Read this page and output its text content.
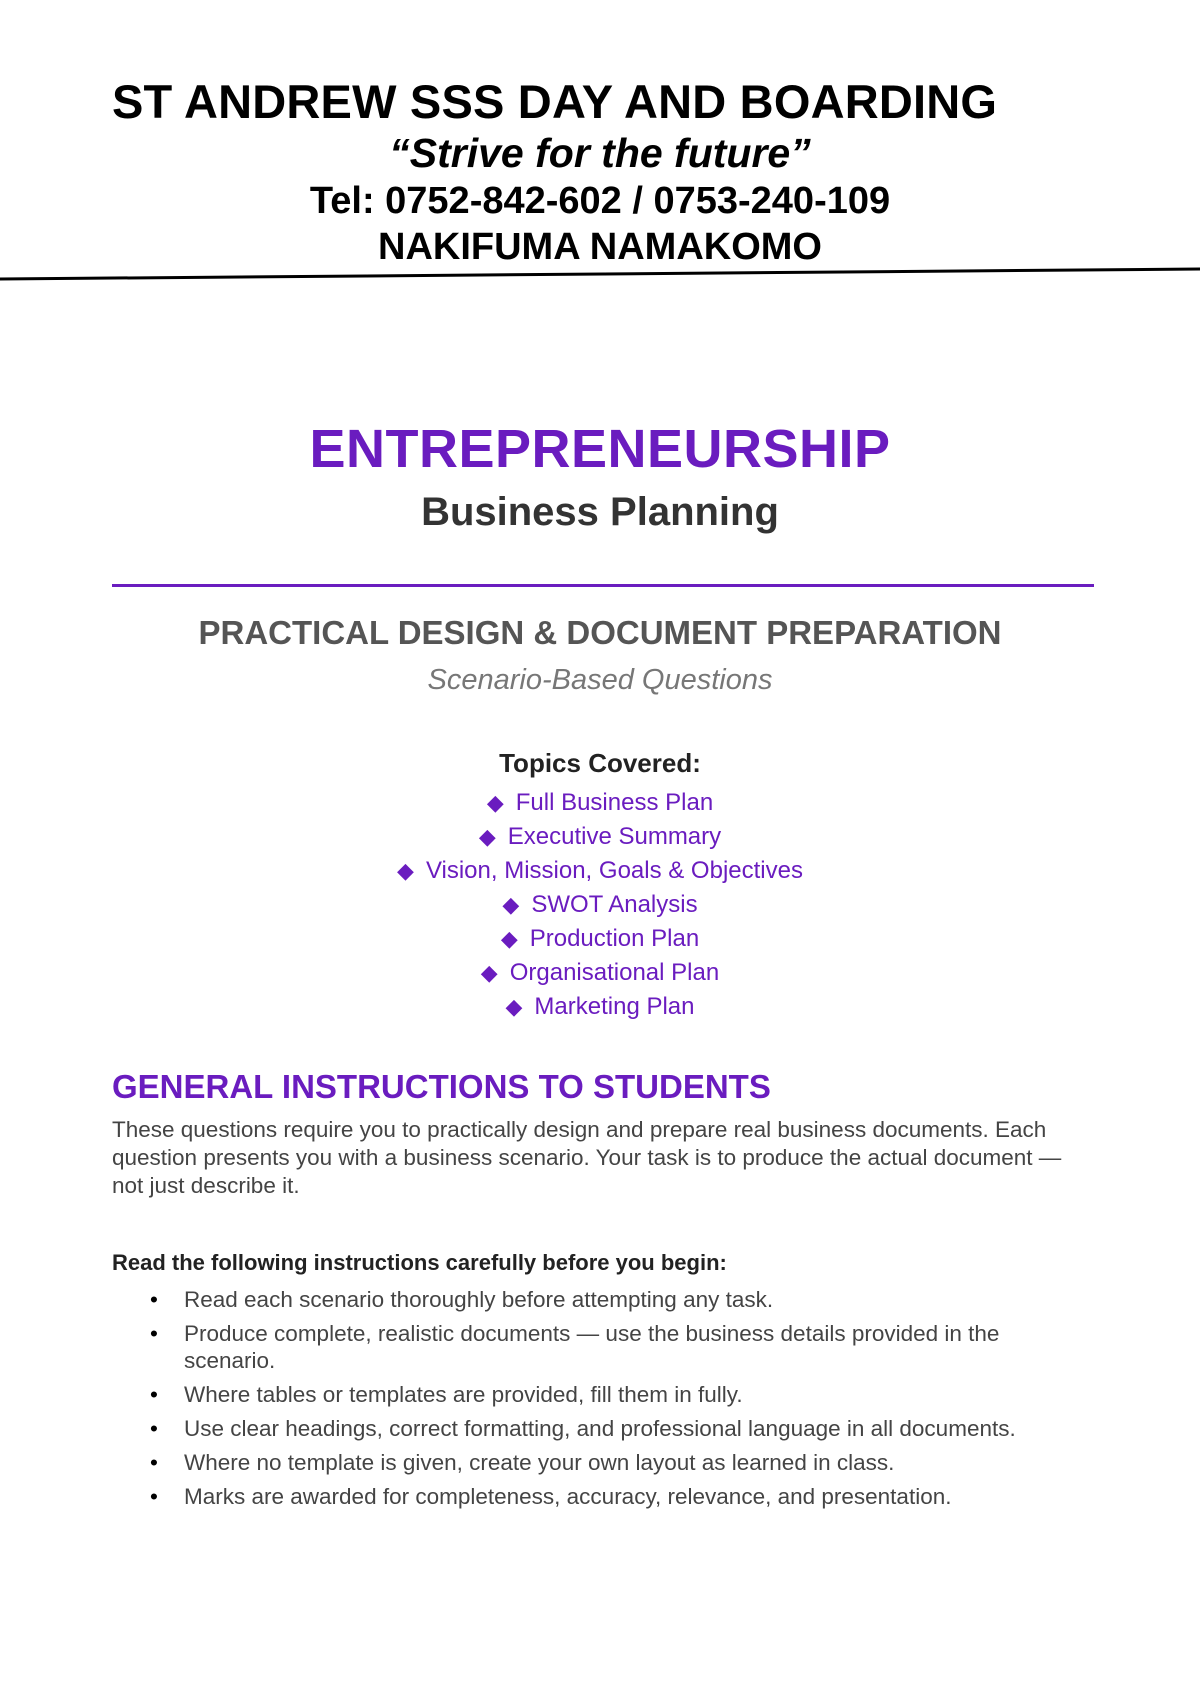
ST ANDREW SSS DAY AND BOARDING
“Strive for the future”
Tel: 0752-842-602 / 0753-240-109
NAKIFUMA NAMAKOMO
ENTREPRENEURSHIP
Business Planning
PRACTICAL DESIGN & DOCUMENT PREPARATION
Scenario-Based Questions
Topics Covered:
◆ Full Business Plan
◆ Executive Summary
◆ Vision, Mission, Goals & Objectives
◆ SWOT Analysis
◆ Production Plan
◆ Organisational Plan
◆ Marketing Plan
GENERAL INSTRUCTIONS TO STUDENTS

These questions require you to practically design and prepare real business documents. Each question presents you with a business scenario. Your task is to produce the actual document — not just describe it.

Read the following instructions carefully before you begin:
• Read each scenario thoroughly before attempting any task.
• Produce complete, realistic documents — use the business details provided in the scenario.
• Where tables or templates are provided, fill them in fully.
• Use clear headings, correct formatting, and professional language in all documents.
• Where no template is given, create your own layout as learned in class.
• Marks are awarded for completeness, accuracy, relevance, and presentation.
